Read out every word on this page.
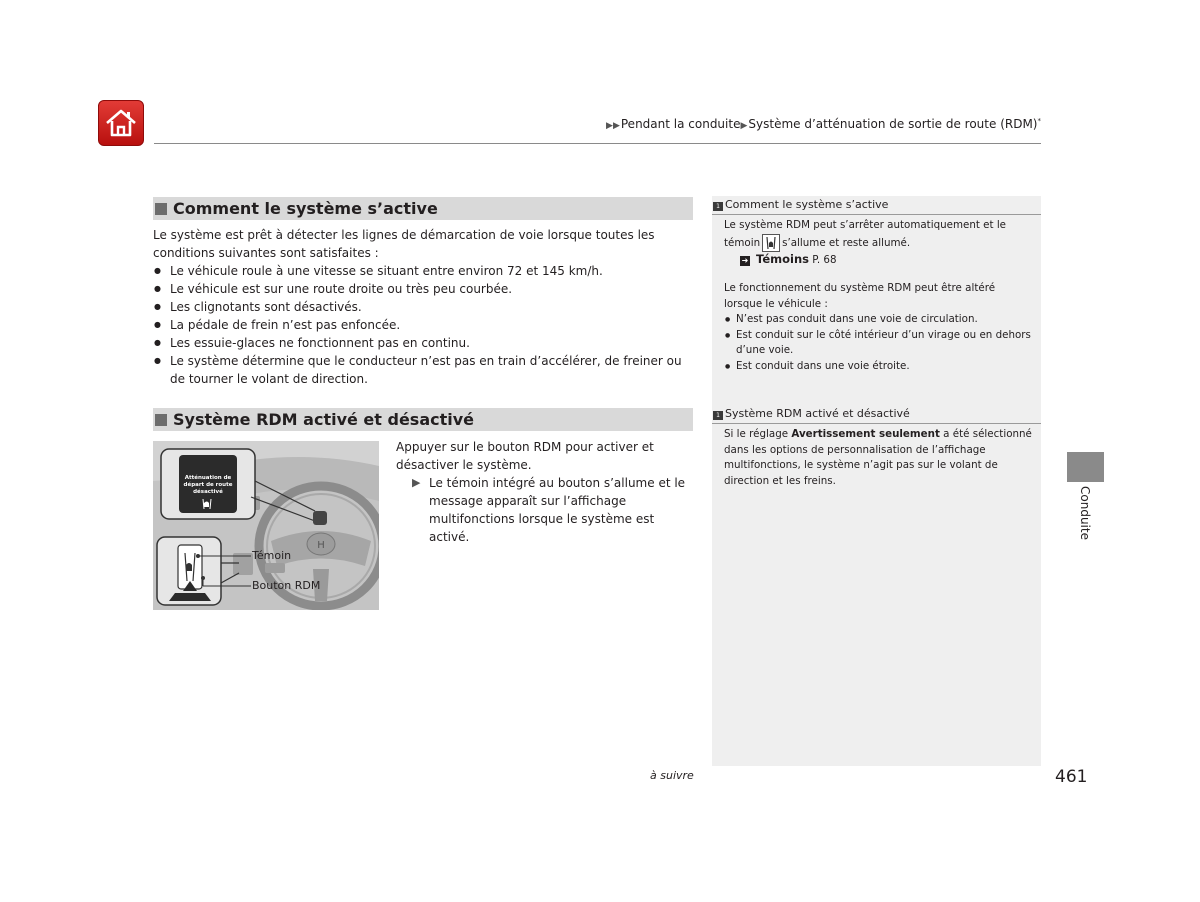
▶▶Pendant la conduite▶Système d’atténuation de sortie de route (RDM)*
Comment le système s’active

Le système est prêt à détecter les lignes de démarcation de voie lorsque toutes les conditions suivantes sont satisfaites :

● Le véhicule roule à une vitesse se situant entre environ 72 et 145 km/h.
● Le véhicule est sur une route droite ou très peu courbée.
● Les clignotants sont désactivés.
● La pédale de frein n’est pas enfoncée.
● Les essuie-glaces ne fonctionnent pas en continu.
● Le système détermine que le conducteur n’est pas en train d’accélérer, de freiner ou de tourner le volant de direction.
Système RDM activé et désactivé
H
Atténuation de
départ de route
désactivé
Témoin
Bouton RDM

Appuyer sur le bouton RDM pour activer et désactiver le système.

▶ Le témoin intégré au bouton s’allume et le message apparaît sur l’affichage multifonctions lorsque le système est activé.

1 Comment le système s’active

Le système RDM peut s’arrêter automatiquement et le témoin s’allume et reste allumé.

➜ Témoins P. 68

Le fonctionnement du système RDM peut être altéré lorsque le véhicule :

● N’est pas conduit dans une voie de circulation.
● Est conduit sur le côté intérieur d’un virage ou en dehors d’une voie.
● Est conduit dans une voie étroite.
1 Système RDM activé et désactivé

Si le réglage Avertissement seulement a été sélectionné dans les options de personnalisation de l’affichage multifonctions, le système n’agit pas sur le volant de direction et les freins.

Conduite
à suivre	461
